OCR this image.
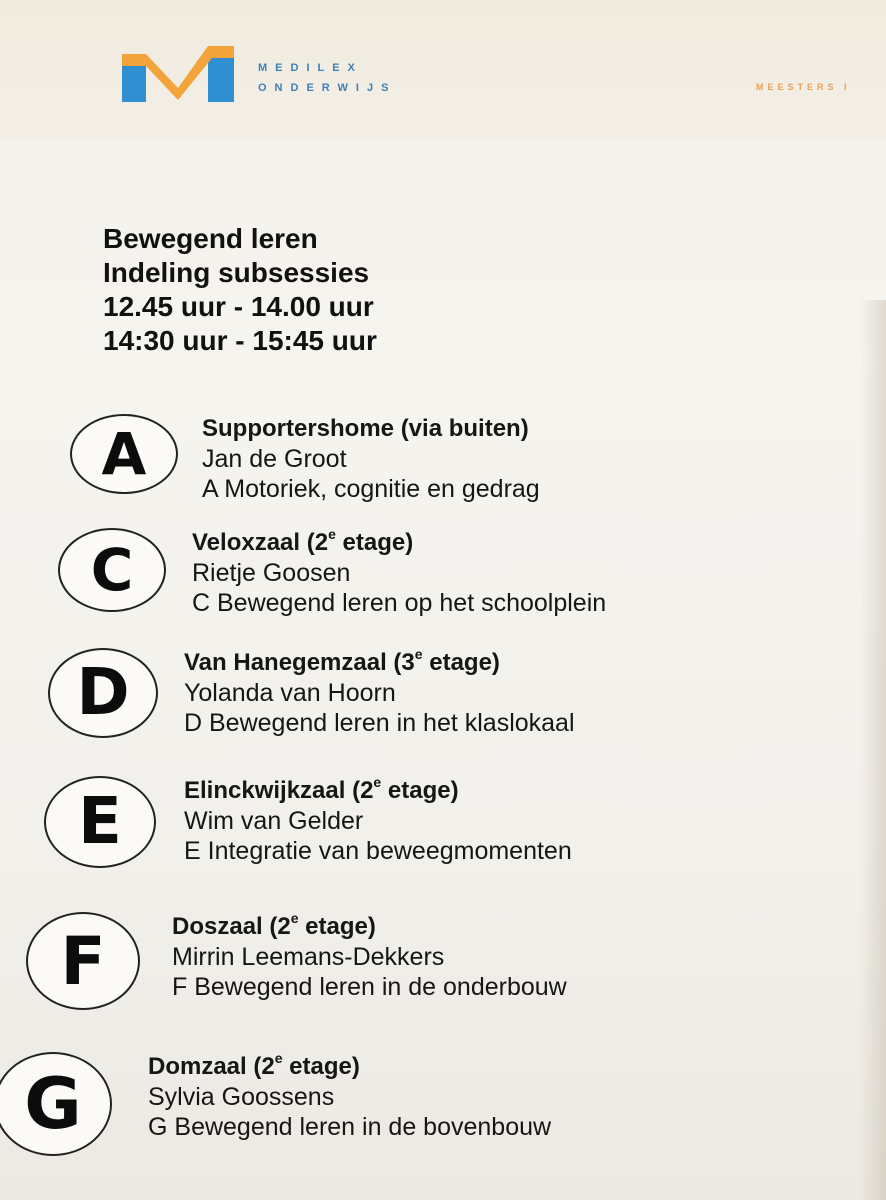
MEDILEX
ONDERWIJS	MEESTERS I
Bewegend leren
Indeling subsessies
12.45 uur - 14.00 uur
14:30 uur - 15:45 uur
A	Supportershome (via buiten)
Jan de Groot
A Motoriek, cognitie en gedrag
C	Veloxzaal (2e etage)
Rietje Goosen
C Bewegend leren op het schoolplein
D	Van Hanegemzaal (3e etage)
Yolanda van Hoorn
D Bewegend leren in het klaslokaal
E	Elinckwijkzaal (2e etage)
Wim van Gelder
E Integratie van beweegmomenten
F	Doszaal (2e etage)
Mirrin Leemans-Dekkers
F Bewegend leren in de onderbouw
G	Domzaal (2e etage)
Sylvia Goossens
G Bewegend leren in de bovenbouw
